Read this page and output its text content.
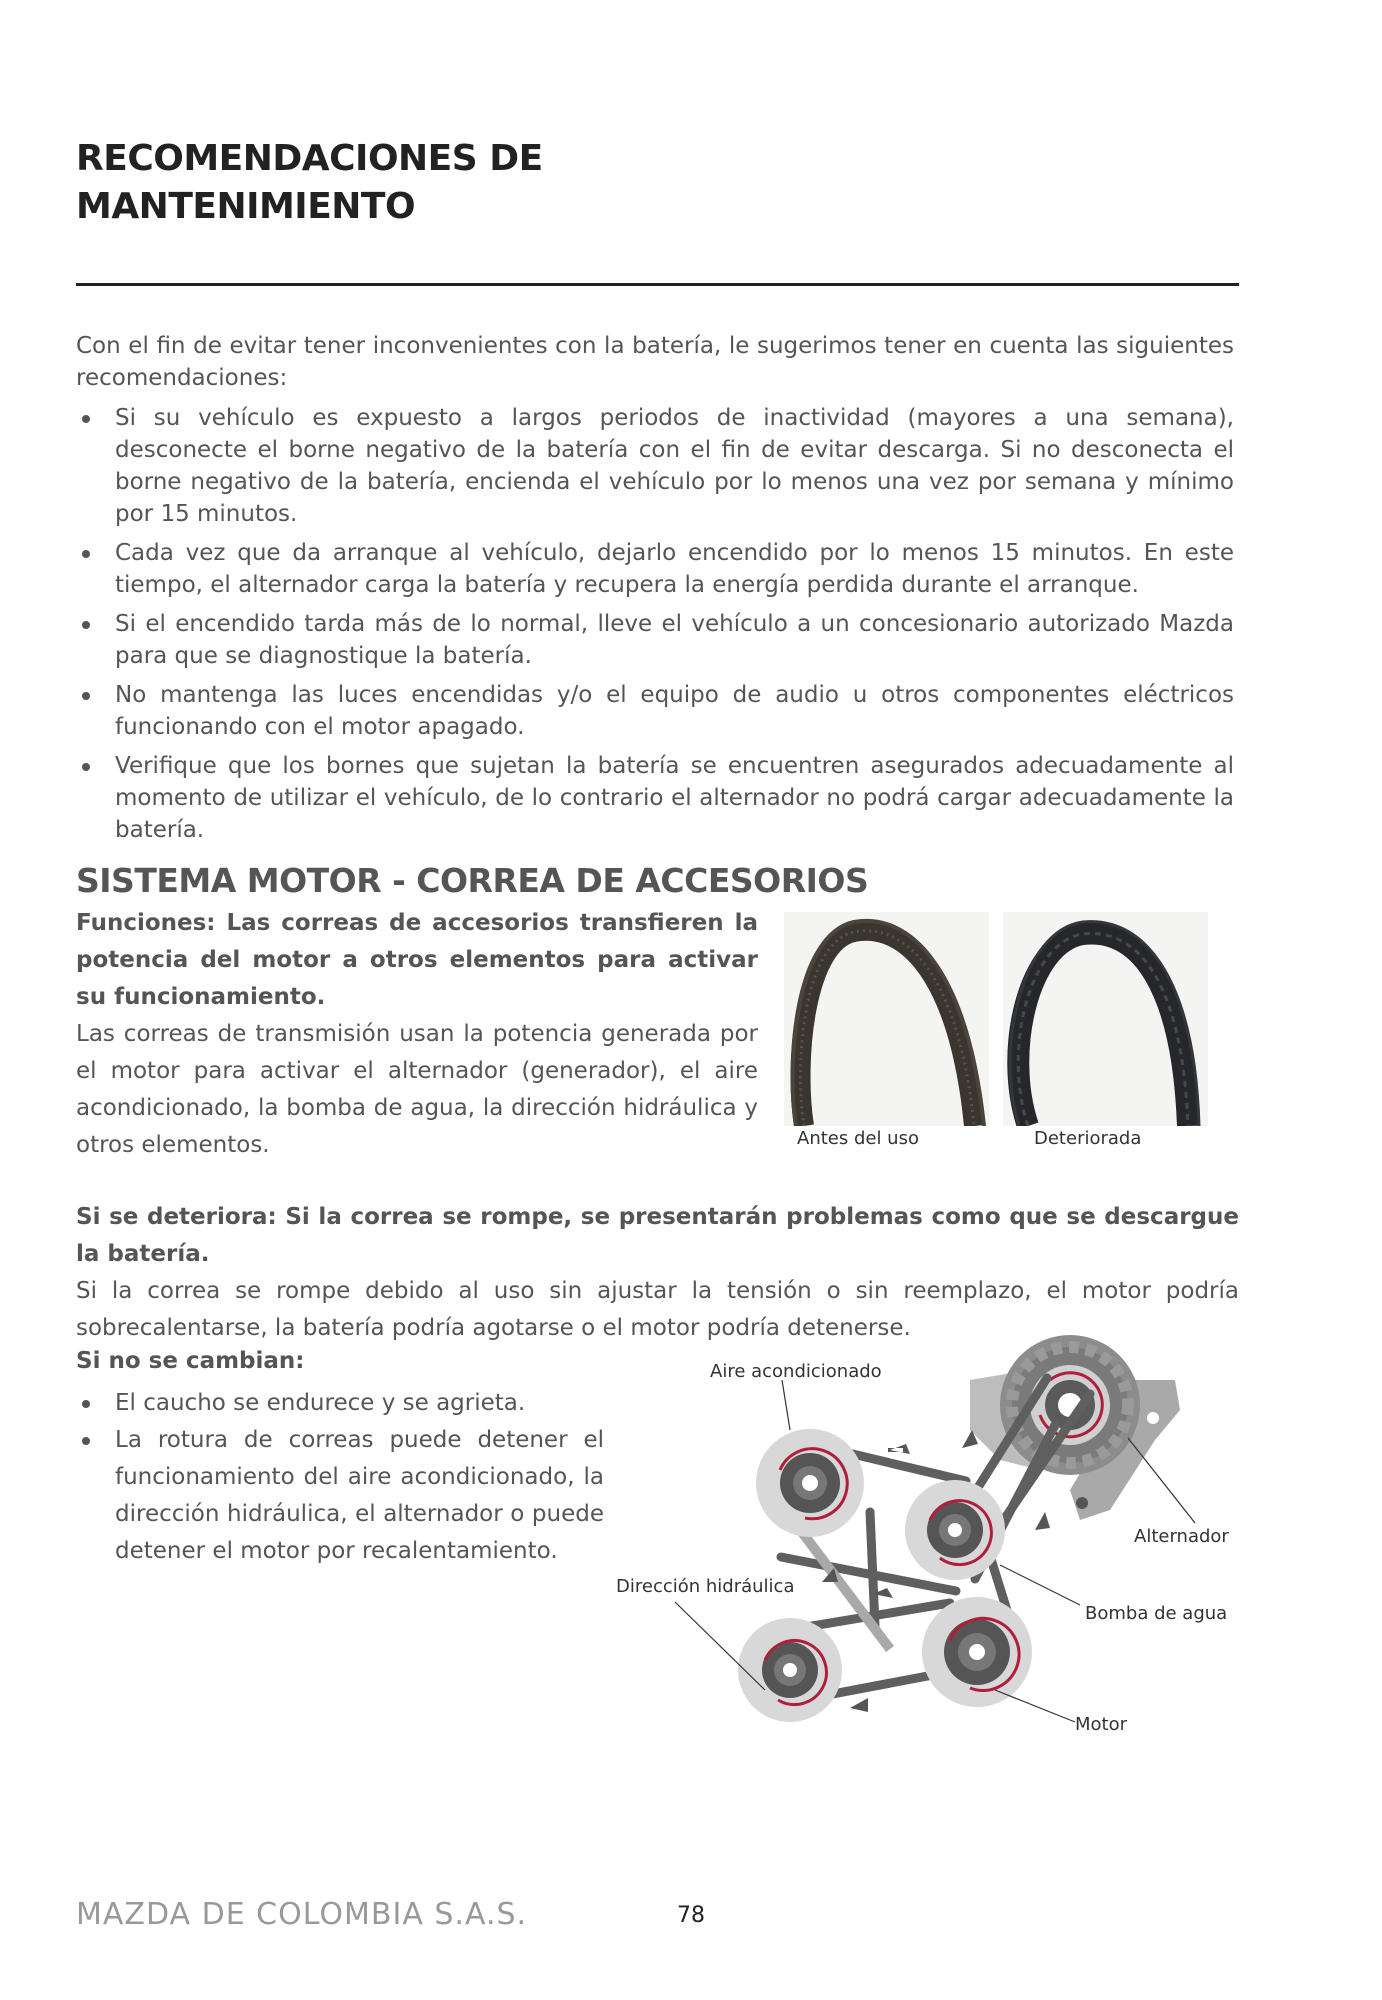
RECOMENDACIONES DE
MANTENIMIENTO
Con el fin de evitar tener inconvenientes con la batería, le sugerimos tener en cuenta las siguientes recomendaciones:
Si su vehículo es expuesto a largos periodos de inactividad (mayores a una semana), desconecte el borne negativo de la batería con el fin de evitar descarga. Si no desconecta el borne negativo de la batería, encienda el vehículo por lo menos una vez por semana y mínimo por 15 minutos.
Cada vez que da arranque al vehículo, dejarlo encendido por lo menos 15 minutos. En este tiempo, el alternador carga la batería y recupera la energía perdida durante el arranque.
Si el encendido tarda más de lo normal, lleve el vehículo a un concesionario autorizado Mazda para que se diagnostique la batería.
No mantenga las luces encendidas y/o el equipo de audio u otros componentes eléctricos funcionando con el motor apagado.
Verifique que los bornes que sujetan la batería se encuentren asegurados adecuadamente al momento de utilizar el vehículo, de lo contrario el alternador no podrá cargar adecuadamente la batería.
SISTEMA MOTOR - CORREA DE ACCESORIOS
Funciones: Las correas de accesorios transfieren la potencia del motor a otros elementos para activar su funcionamiento.
Las correas de transmisión usan la potencia generada por el motor para activar el alternador (generador), el aire acondicionado, la bomba de agua, la dirección hidráulica y otros elementos.	Antes del uso	Deteriorada
Si se deteriora: Si la correa se rompe, se presentarán problemas como que se descargue la batería.
Si la correa se rompe debido al uso sin ajustar la tensión o sin reemplazo, el motor podría sobrecalentarse, la batería podría agotarse o el motor podría detenerse.
Si no se cambian:
El caucho se endurece y se agrieta.
La rotura de correas puede detener el funcionamiento del aire acondicionado, la dirección hidráulica, el alternador o puede detener el motor por recalentamiento.
Aire acondicionado
Alternador
Dirección hidráulica
Bomba de agua
Motor
MAZDA DE COLOMBIA S.A.S.	78
